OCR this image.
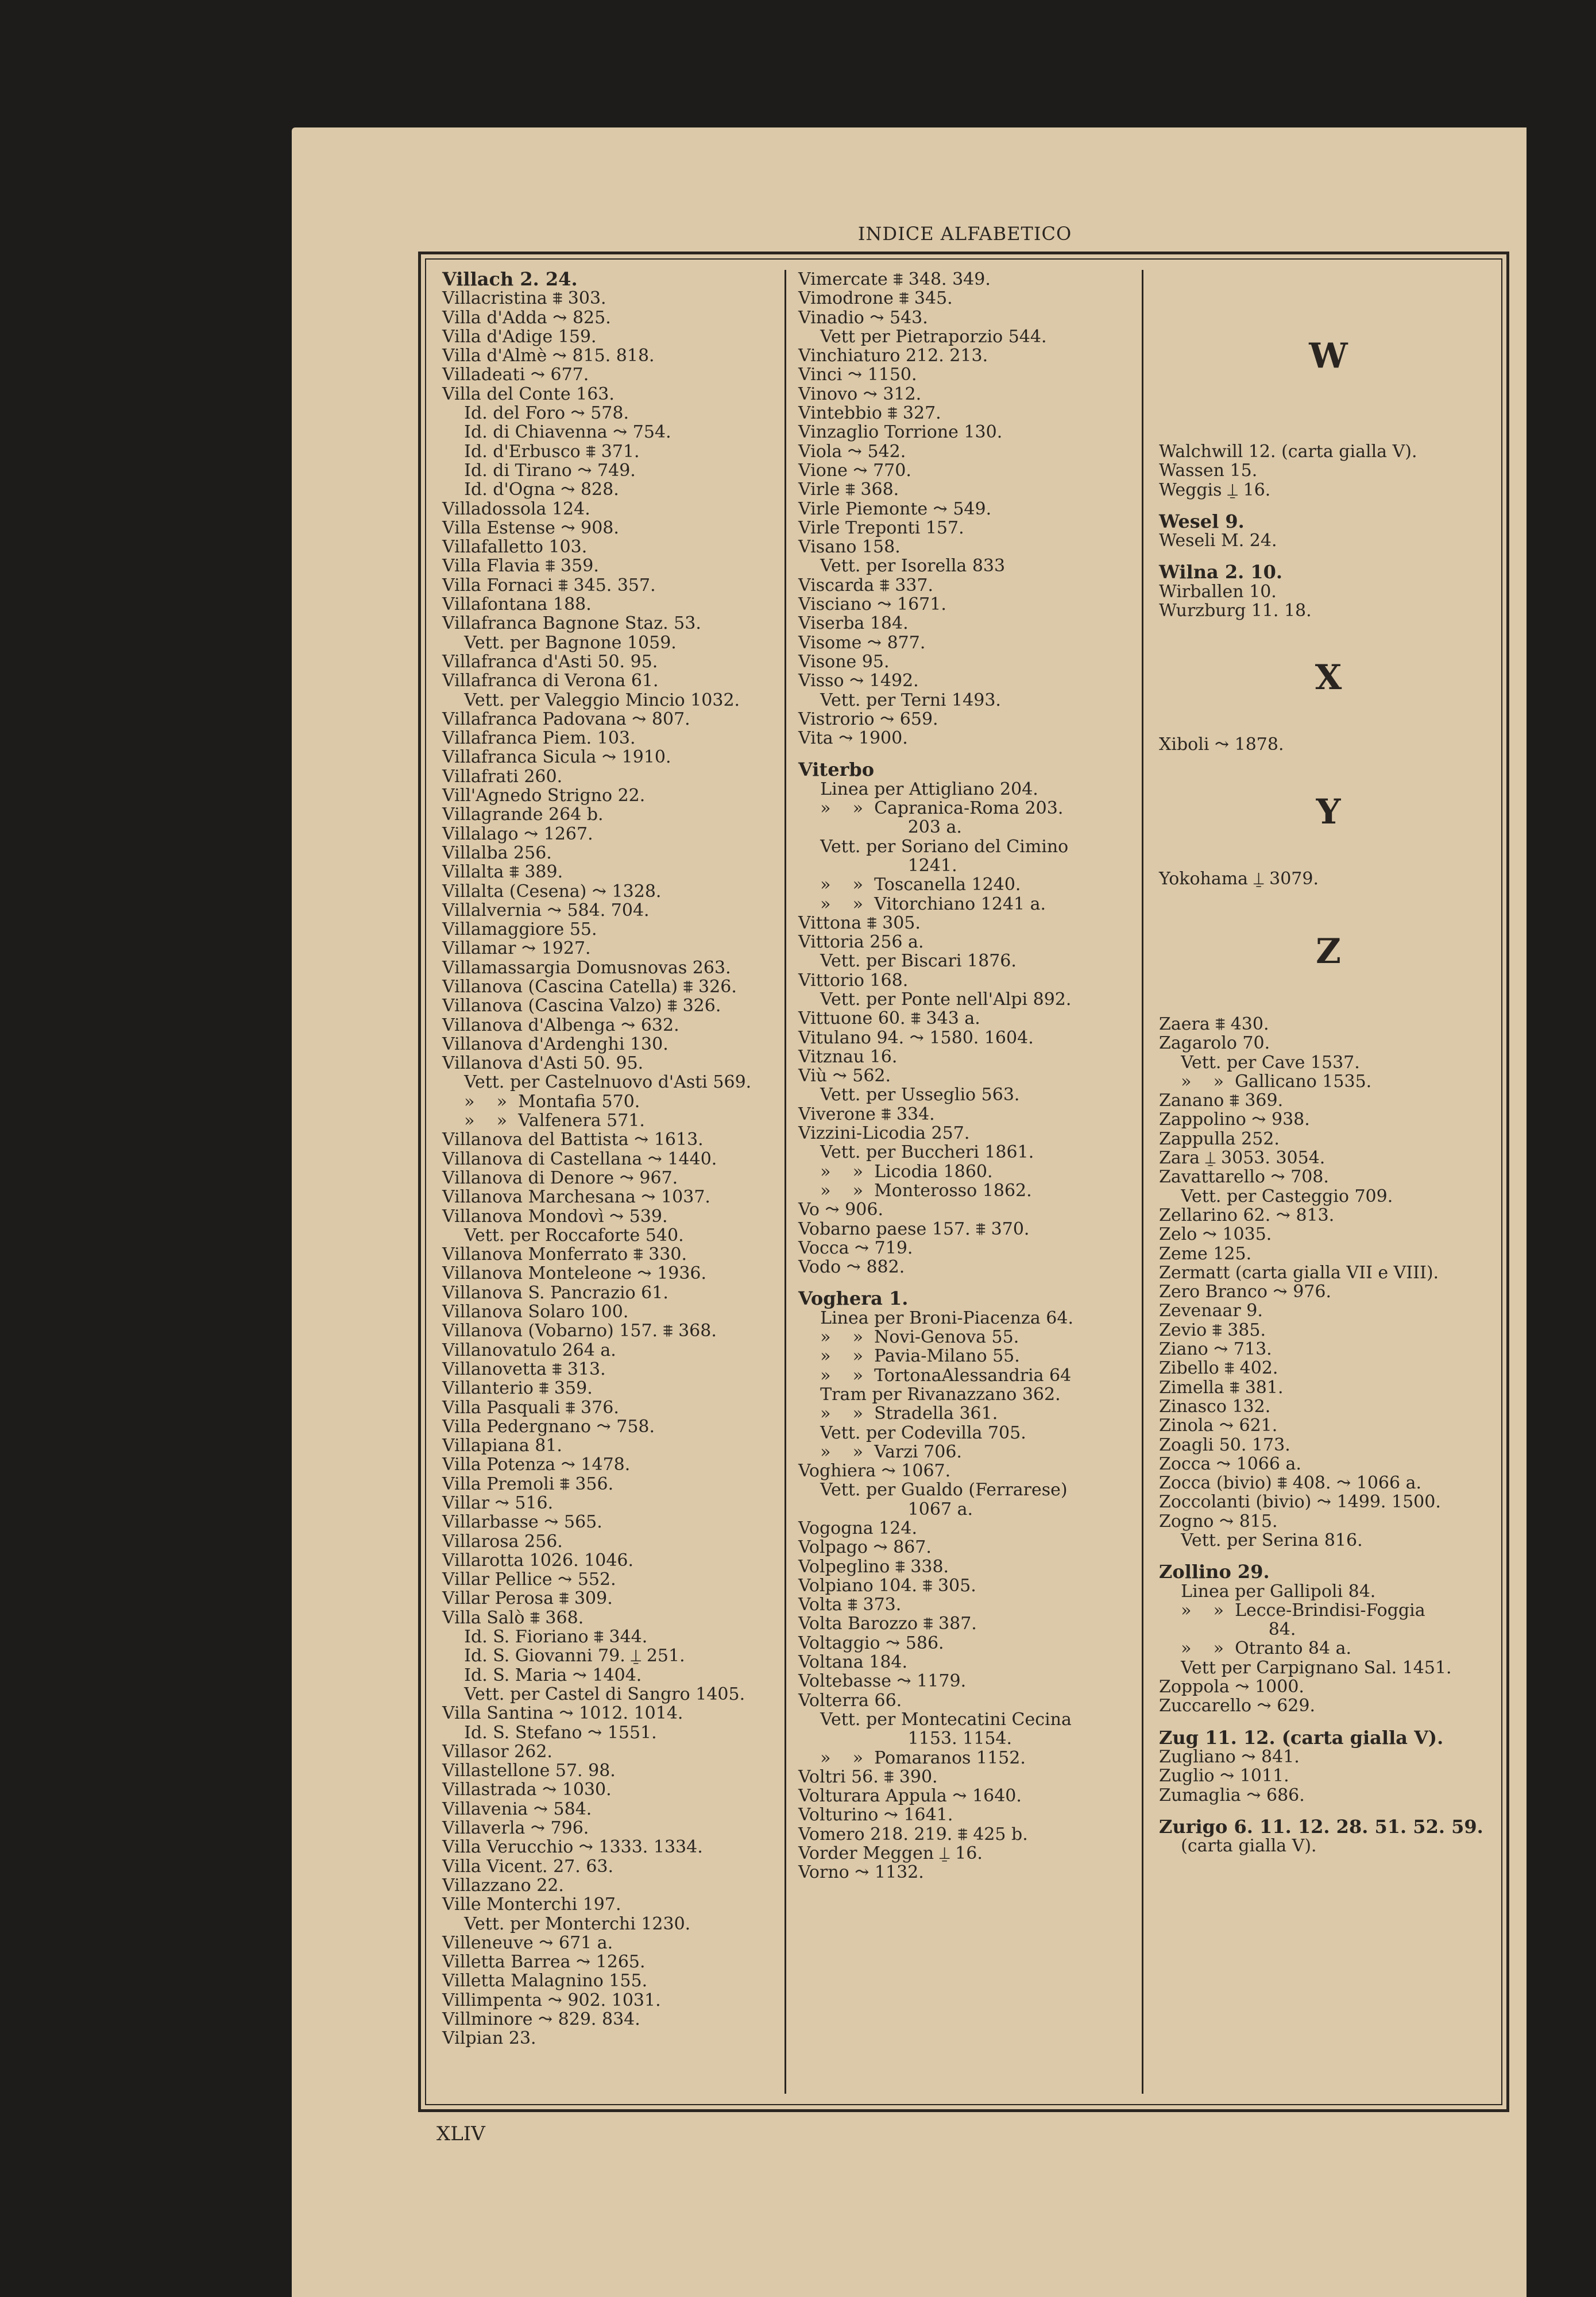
INDICE ALFABETICO
Villach 2. 24.
Villacristina ⩨ 303.
Villa d'Adda ⤳ 825.
Villa d'Adige 159.
Villa d'Almè ⤳ 815. 818.
Villadeati ⤳ 677.
Villa del Conte 163.
Id. del Foro ⤳ 578.
Id. di Chiavenna ⤳ 754.
Id. d'Erbusco ⩨ 371.
Id. di Tirano ⤳ 749.
Id. d'Ogna ⤳ 828.
Villadossola 124.
Villa Estense ⤳ 908.
Villafalletto 103.
Villa Flavia ⩨ 359.
Villa Fornaci ⩨ 345. 357.
Villafontana 188.
Villafranca Bagnone Staz. 53.
Vett. per Bagnone 1059.
Villafranca d'Asti 50. 95.
Villafranca di Verona 61.
Vett. per Valeggio Mincio 1032.
Villafranca Padovana ⤳ 807.
Villafranca Piem. 103.
Villafranca Sicula ⤳ 1910.
Villafrati 260.
Vill'Agnedo Strigno 22.
Villagrande 264 b.
Villalago ⤳ 1267.
Villalba 256.
Villalta ⩨ 389.
Villalta (Cesena) ⤳ 1328.
Villalvernia ⤳ 584. 704.
Villamaggiore 55.
Villamar ⤳ 1927.
Villamassargia Domusnovas 263.
Villanova (Cascina Catella) ⩨ 326.
Villanova (Cascina Valzo) ⩨ 326.
Villanova d'Albenga ⤳ 632.
Villanova d'Ardenghi 130.
Villanova d'Asti 50. 95.
Vett. per Castelnuovo d'Asti 569.
»    »  Montafia 570.
»    »  Valfenera 571.
Villanova del Battista ⤳ 1613.
Villanova di Castellana ⤳ 1440.
Villanova di Denore ⤳ 967.
Villanova Marchesana ⤳ 1037.
Villanova Mondovì ⤳ 539.
Vett. per Roccaforte 540.
Villanova Monferrato ⩨ 330.
Villanova Monteleone ⤳ 1936.
Villanova S. Pancrazio 61.
Villanova Solaro 100.
Villanova (Vobarno) 157. ⩨ 368.
Villanovatulo 264 a.
Villanovetta ⩨ 313.
Villanterio ⩨ 359.
Villa Pasquali ⩨ 376.
Villa Pedergnano ⤳ 758.
Villapiana 81.
Villa Potenza ⤳ 1478.
Villa Premoli ⩨ 356.
Villar ⤳ 516.
Villarbasse ⤳ 565.
Villarosa 256.
Villarotta 1026. 1046.
Villar Pellice ⤳ 552.
Villar Perosa ⩨ 309.
Villa Salò ⩨ 368.
Id. S. Fioriano ⩨ 344.
Id. S. Giovanni 79. ⍊ 251.
Id. S. Maria ⤳ 1404.
Vett. per Castel di Sangro 1405.
Villa Santina ⤳ 1012. 1014.
Id. S. Stefano ⤳ 1551.
Villasor 262.
Villastellone 57. 98.
Villastrada ⤳ 1030.
Villavenia ⤳ 584.
Villaverla ⤳ 796.
Villa Verucchio ⤳ 1333. 1334.
Villa Vicent. 27. 63.
Villazzano 22.
Ville Monterchi 197.
Vett. per Monterchi 1230.
Villeneuve ⤳ 671 a.
Villetta Barrea ⤳ 1265.
Villetta Malagnino 155.
Villimpenta ⤳ 902. 1031.
Villminore ⤳ 829. 834.
Vilpian 23.
Vimercate ⩨ 348. 349.
Vimodrone ⩨ 345.
Vinadio ⤳ 543.
Vett per Pietraporzio 544.
Vinchiaturo 212. 213.
Vinci ⤳ 1150.
Vinovo ⤳ 312.
Vintebbio ⩨ 327.
Vinzaglio Torrione 130.
Viola ⤳ 542.
Vione ⤳ 770.
Virle ⩨ 368.
Virle Piemonte ⤳ 549.
Virle Treponti 157.
Visano 158.
Vett. per Isorella 833
Viscarda ⩨ 337.
Visciano ⤳ 1671.
Viserba 184.
Visome ⤳ 877.
Visone 95.
Visso ⤳ 1492.
Vett. per Terni 1493.
Vistrorio ⤳ 659.
Vita ⤳ 1900.
Viterbo
Linea per Attigliano 204.
»    »  Capranica-Roma 203.
203 a.
Vett. per Soriano del Cimino
1241.
»    »  Toscanella 1240.
»    »  Vitorchiano 1241 a.
Vittona ⩨ 305.
Vittoria 256 a.
Vett. per Biscari 1876.
Vittorio 168.
Vett. per Ponte nell'Alpi 892.
Vittuone 60. ⩨ 343 a.
Vitulano 94. ⤳ 1580. 1604.
Vitznau 16.
Viù ⤳ 562.
Vett. per Usseglio 563.
Viverone ⩨ 334.
Vizzini-Licodia 257.
Vett. per Buccheri 1861.
»    »  Licodia 1860.
»    »  Monterosso 1862.
Vo ⤳ 906.
Vobarno paese 157. ⩨ 370.
Vocca ⤳ 719.
Vodo ⤳ 882.
Voghera 1.
Linea per Broni-Piacenza 64.
»    »  Novi-Genova 55.
»    »  Pavia-Milano 55.
»    »  TortonaAlessandria 64
Tram per Rivanazzano 362.
»    »  Stradella 361.
Vett. per Codevilla 705.
»    »  Varzi 706.
Voghiera ⤳ 1067.
Vett. per Gualdo (Ferrarese)
1067 a.
Vogogna 124.
Volpago ⤳ 867.
Volpeglino ⩨ 338.
Volpiano 104. ⩨ 305.
Volta ⩨ 373.
Volta Barozzo ⩨ 387.
Voltaggio ⤳ 586.
Voltana 184.
Voltebasse ⤳ 1179.
Volterra 66.
Vett. per Montecatini Cecina
1153. 1154.
»    »  Pomaranos 1152.
Voltri 56. ⩨ 390.
Volturara Appula ⤳ 1640.
Volturino ⤳ 1641.
Vomero 218. 219. ⩨ 425 b.
Vorder Meggen ⍊ 16.
Vorno ⤳ 1132.
W
Walchwill 12. (carta gialla V).
Wassen 15.
Weggis ⍊ 16.
Wesel 9.
Weseli M. 24.
Wilna 2. 10.
Wirballen 10.
Wurzburg 11. 18.
X
Xiboli ⤳ 1878.
Y
Yokohama ⍊ 3079.
Z
Zaera ⩨ 430.
Zagarolo 70.
Vett. per Cave 1537.
»    »  Gallicano 1535.
Zanano ⩨ 369.
Zappolino ⤳ 938.
Zappulla 252.
Zara ⍊ 3053. 3054.
Zavattarello ⤳ 708.
Vett. per Casteggio 709.
Zellarino 62. ⤳ 813.
Zelo ⤳ 1035.
Zeme 125.
Zermatt (carta gialla VII e VIII).
Zero Branco ⤳ 976.
Zevenaar 9.
Zevio ⩨ 385.
Ziano ⤳ 713.
Zibello ⩨ 402.
Zimella ⩨ 381.
Zinasco 132.
Zinola ⤳ 621.
Zoagli 50. 173.
Zocca ⤳ 1066 a.
Zocca (bivio) ⩨ 408. ⤳ 1066 a.
Zoccolanti (bivio) ⤳ 1499. 1500.
Zogno ⤳ 815.
Vett. per Serina 816.
Zollino 29.
Linea per Gallipoli 84.
»    »  Lecce-Brindisi-Foggia
84.
»    »  Otranto 84 a.
Vett per Carpignano Sal. 1451.
Zoppola ⤳ 1000.
Zuccarello ⤳ 629.
Zug 11. 12. (carta gialla V).
Zugliano ⤳ 841.
Zuglio ⤳ 1011.
Zumaglia ⤳ 686.
Zurigo 6. 11. 12. 28. 51. 52. 59.
(carta gialla V).
XLIV
